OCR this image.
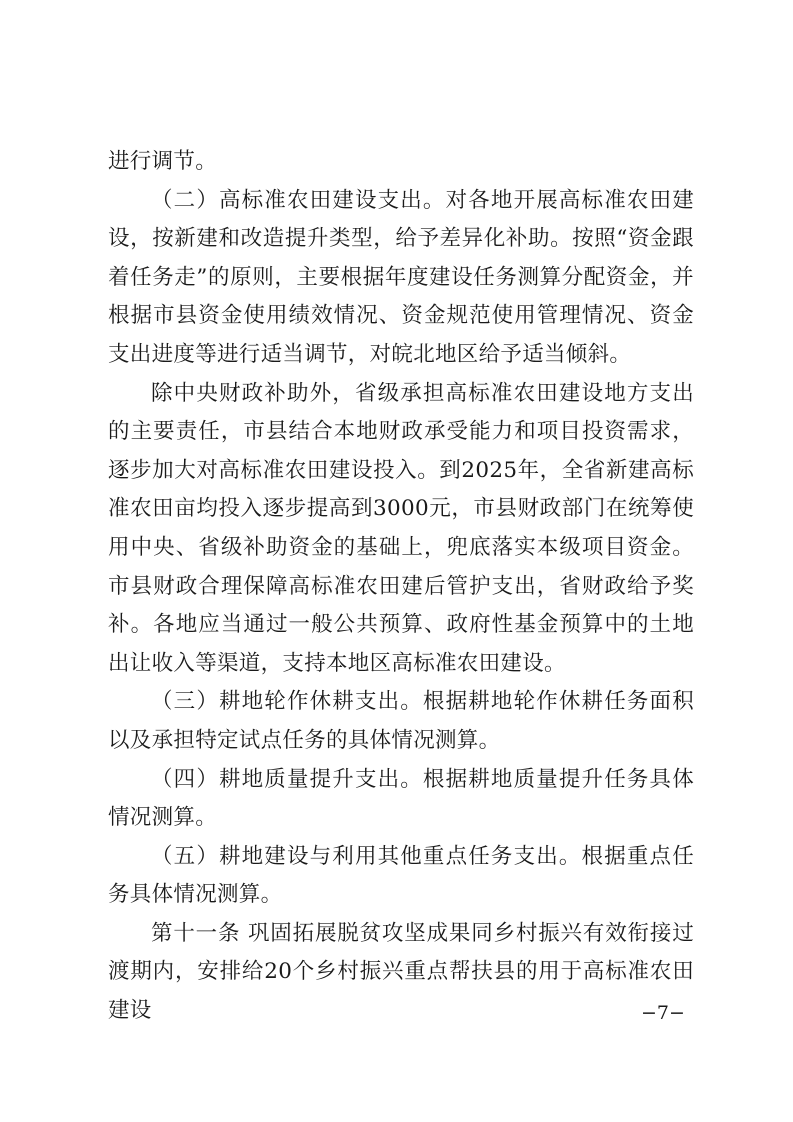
进行调节。

（二）高标准农田建设支出。对各地开展高标准农田建设，按新建和改造提升类型，给予差异化补助。按照“资金跟着任务走”的原则，主要根据年度建设任务测算分配资金，并根据市县资金使用绩效情况、资金规范使用管理情况、资金支出进度等进行适当调节，对皖北地区给予适当倾斜。

除中央财政补助外，省级承担高标准农田建设地方支出的主要责任，市县结合本地财政承受能力和项目投资需求，逐步加大对高标准农田建设投入。到2025年，全省新建高标准农田亩均投入逐步提高到3000元，市县财政部门在统筹使用中央、省级补助资金的基础上，兜底落实本级项目资金。市县财政合理保障高标准农田建后管护支出，省财政给予奖补。各地应当通过一般公共预算、政府性基金预算中的土地出让收入等渠道，支持本地区高标准农田建设。

（三）耕地轮作休耕支出。根据耕地轮作休耕任务面积以及承担特定试点任务的具体情况测算。

（四）耕地质量提升支出。根据耕地质量提升任务具体情况测算。

（五）耕地建设与利用其他重点任务支出。根据重点任务具体情况测算。

第十一条 巩固拓展脱贫攻坚成果同乡村振兴有效衔接过渡期内，安排给20个乡村振兴重点帮扶县的用于高标准农田建设	−7−
